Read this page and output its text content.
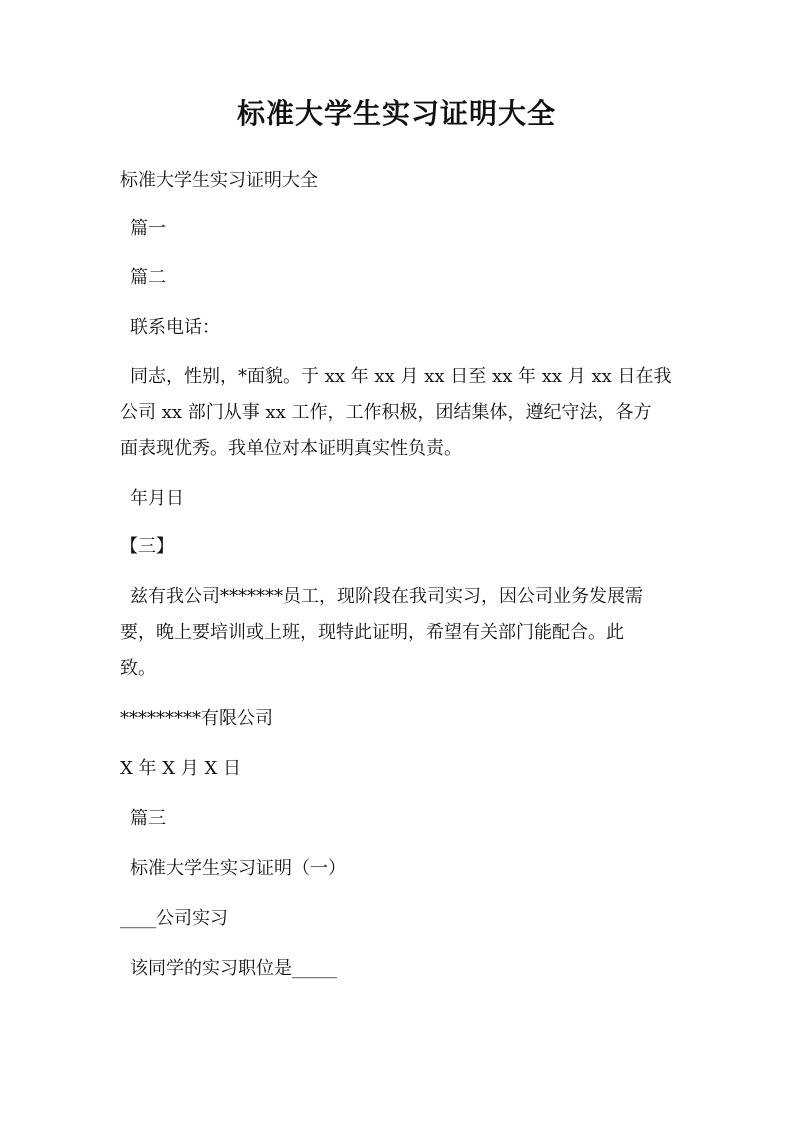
标准大学生实习证明大全
标准大学生实习证明大全
篇一
篇二
联系电话：
同志，性别，*面貌。于 xx 年 xx 月 xx 日至 xx 年 xx 月 xx 日在我
公司 xx 部门从事 xx 工作，工作积极，团结集体，遵纪守法，各方
面表现优秀。我单位对本证明真实性负责。
年月日
【三】
兹有我公司*******员工，现阶段在我司实习，因公司业务发展需
要，晚上要培训或上班，现特此证明，希望有关部门能配合。此
致。
*********有限公司
X 年 X 月 X 日
篇三
标准大学生实习证明（一）
____公司实习
该同学的实习职位是_____
